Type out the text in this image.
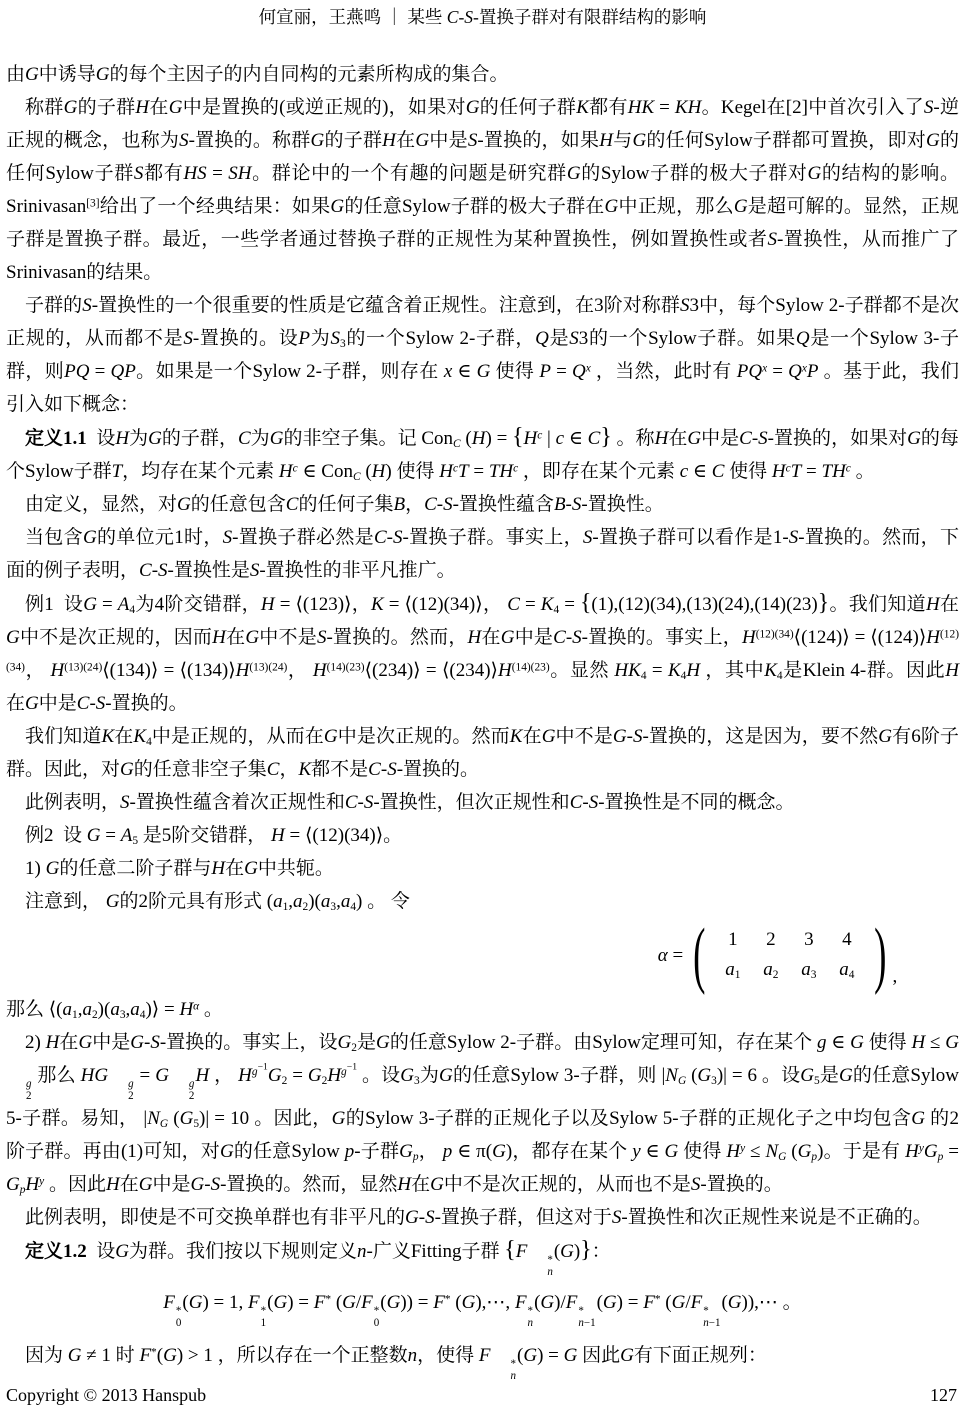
何宣丽，王燕鸣 ｜ 某些 C-S-置换子群对有限群结构的影响

由G中诱导G的每个主因子的内自同构的元素所构成的集合。

称群G的子群H在G中是置换的(或逆正规的)，如果对G的任何子群K都有HK = KH。Kegel在[2]中首次引入了S-逆正规的概念，也称为S-置换的。称群G的子群H在G中是S-置换的，如果H与G的任何Sylow子群都可置换，即对G的任何Sylow子群S都有HS = SH。群论中的一个有趣的问题是研究群G的Sylow子群的极大子群对G的结构的影响。Srinivasan[3]给出了一个经典结果：如果G的任意Sylow子群的极大子群在G中正规，那么G是超可解的。显然，正规子群是置换子群。最近，一些学者通过替换子群的正规性为某种置换性，例如置换性或者S-置换性，从而推广了Srinivasan的结果。

子群的S-置换性的一个很重要的性质是它蕴含着正规性。注意到，在3阶对称群S3中，每个Sylow 2-子群都不是次正规的，从而都不是S-置换的。设P为$S_3$的一个Sylow 2-子群，Q是S3的一个Sylow子群。如果Q是一个Sylow 3-子群，则PQ = QP。如果是一个Sylow 2-子群，则存在 x ∈ G 使得 $P = Q^x$ ，当然，此时有 $PQ^x = Q^xP$ 。基于此，我们引入如下概念：

定义1.1  设H为G的子群，C为G的非空子集。记 Con$_C$ $(H) = \{H^c$ | c ∈ C} 。称H在G中是C-S-置换的，如果对G的每个Sylow子群T，均存在某个元素 $H^c$ ∈ Con$_C$ (H) 使得 $H^cT = TH^c$ ，即存在某个元素 c ∈ C 使得 $H^cT = TH^c$ 。

由定义，显然，对G的任意包含C的任何子集B，C-S-置换性蕴含B-S-置换性。

当包含G的单位元1时，S-置换子群必然是C-S-置换子群。事实上，S-置换子群可以看作是1-S-置换的。然而，下面的例子表明，C-S-置换性是S-置换性的非平凡推广。

例1  设$G = A_4$为4阶交错群，H = ⟨(123)⟩，K = ⟨(12)(34)⟩， $C = K_4 = \{(1),(12)(34),(13)(24),(14)(23)\}$。我们知道H在G中不是次正规的，因而H在G中不是S-置换的。然而，H在G中是C-S-置换的。事实上，$H^{(12)(34)}⟨(124)⟩$ = $⟨(124)⟩H^{(12)(34)}$， $H^{(13)(24)}⟨(134)⟩$ = $⟨(134)⟩H^{(13)(24)}$， $H^{(14)(23)}⟨(234)⟩$ = $⟨(234)⟩H^{(14)(23)}$。显然 $HK_4 = K_4H$ ，其中$K_4$是Klein 4-群。因此H在G中是C-S-置换的。

我们知道K在$K_4$中是正规的，从而在G中是次正规的。然而K在G中不是G-S-置换的，这是因为，要不然G有6阶子群。因此，对G的任意非空子集C，K都不是C-S-置换的。

此例表明，S-置换性蕴含着次正规性和C-S-置换性，但次正规性和C-S-置换性是不同的概念。

例2  设 $G = A_5$ 是5阶交错群， H = ⟨(12)(34)⟩。

1) G的任意二阶子群与H在G中共轭。

注意到， G的2阶元具有形式 $(a_1,a_2)(a_3,a_4)$ 。 令

α = (	1	2	3	4
$a_1$	$a_2$	$a_3$	$a_4$ ) ,

那么 $⟨(a_1,a_2)(a_3,a_4)⟩ = H^\alpha$ 。

2) H在G中是G-S-置换的。事实上，设$G_2$是G的任意Sylow 2-子群。由Sylow定理可知，存在某个 g ∈ G 使得 H ≤ G
g
2
那么 HG	g
2
= G	g
2
H ， $H^{g^{-1}}G_2 = G_2H^{g^{-1}}$ 。设$G_3$为G的任意Sylow 3-子群，则 $|N_G$ $(G_3)| = 6$ 。设$G_5$是G的任意Sylow 5-子群。易知， $|N_G$ $(G_5)| = 10$ 。因此，G的Sylow 3-子群的正规化子以及Sylow 5-子群的正规化子之中均包含G 的2阶子群。再由(1)可知，对G的任意Sylow p-子群$G_p$， p ∈ π(G)，都存在某个 y ∈ G 使得 $H^y \le N_G$ $(G_p)$。于是有 $H^yG_p = G_pH^y$ 。因此H在G中是G-S-置换的。然而，显然H在G中不是次正规的，从而也不是S-置换的。

此例表明，即使是不可交换单群也有非平凡的G-S-置换子群，但这对于S-置换性和次正规性来说是不正确的。

定义1.2  设G为群。我们按以下规则定义n-广义Fitting子群 {F	*
n
(G)}：

F *
0
(G) = 1, F *
1
(G) = F* (G/F *
0
(G)) = F* (G),⋯, F *
n
(G)/F *
n−1
(G) = F* (G/F *
n−1
(G)),⋯ 。

因为 G ≠ 1 时 F*(G) > 1 ，所以存在一个正整数n，使得 F	*
n
(G) = G 因此G有下面正规列：

Copyright © 2013 Hanspub	127
